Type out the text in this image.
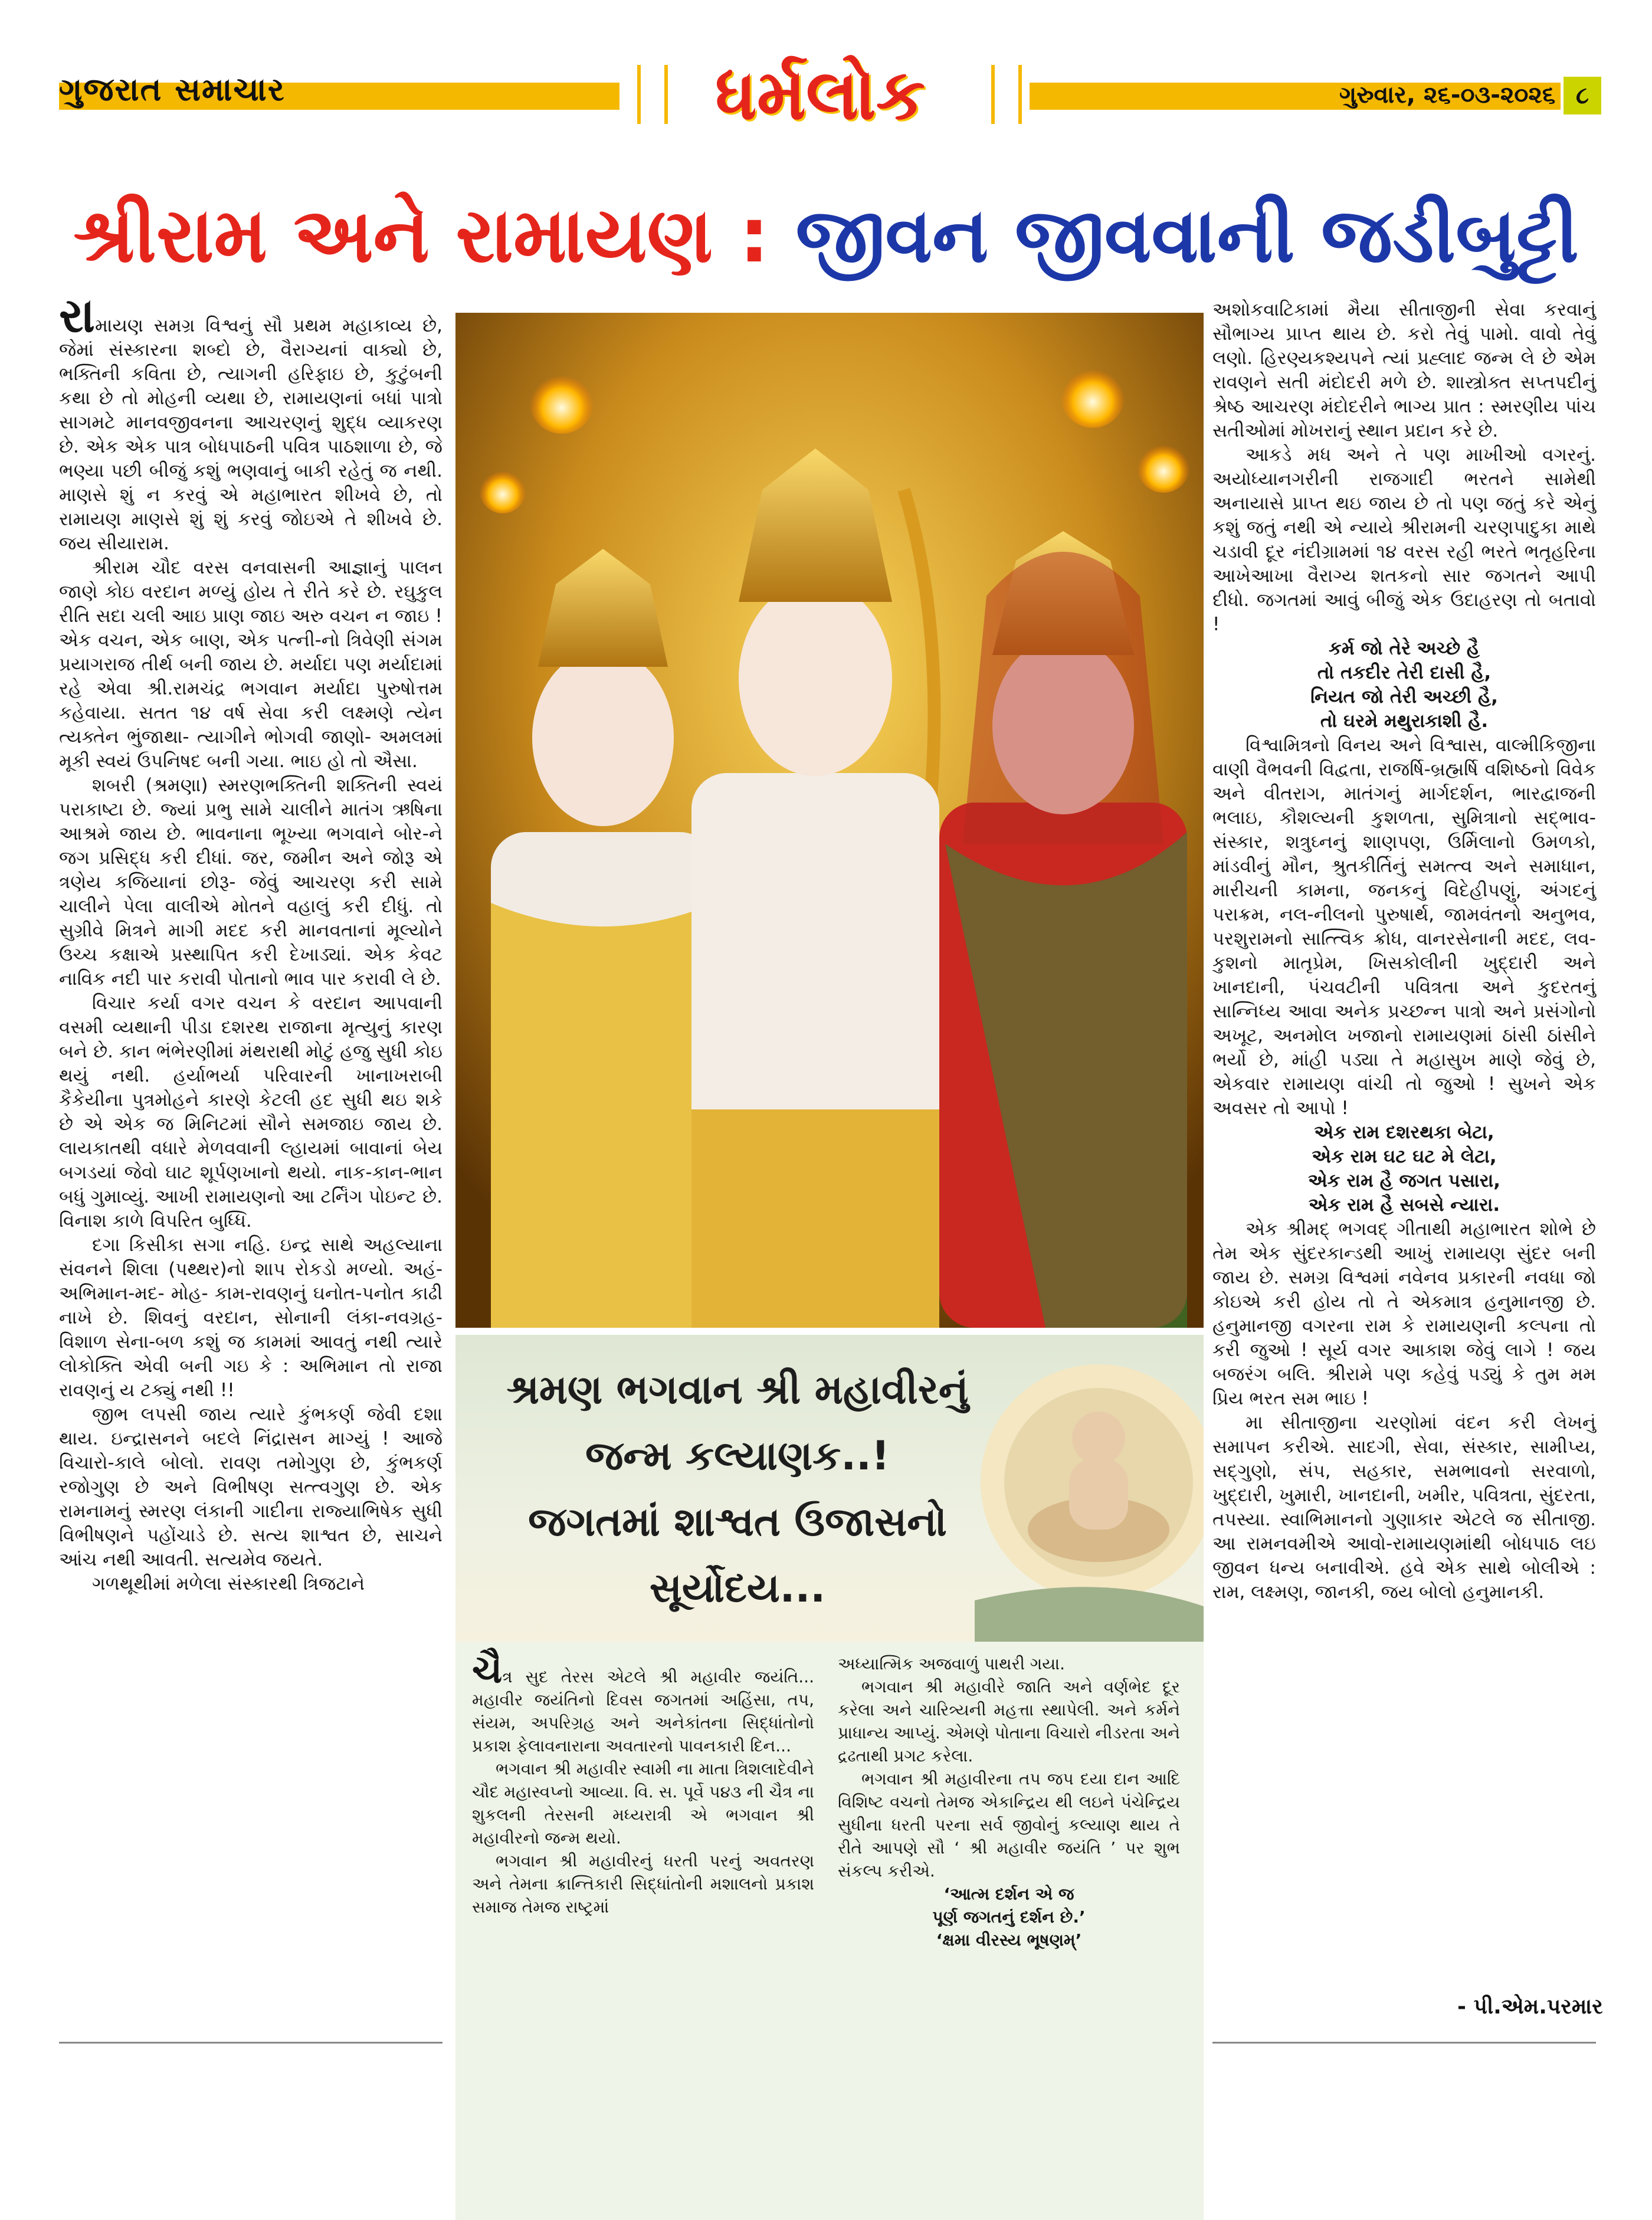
ગુજરાત સમાચાર	ધર્મલોક	ગુરુવાર, ૨૬-૦૩-૨૦૨૬ ૮
શ્રીરામ અને રામાયણ : જીવન જીવવાની જડીબુટ્ટી

રામાયણ સમગ્ર વિશ્વનું સૌ પ્રથમ મહાકાવ્ય છે, જેમાં સંસ્કારના શબ્દો છે, વૈરાગ્યનાં વાક્યો છે, ભક્તિની કવિતા છે, ત્યાગની હરિફાઇ છે, કુટુંબની કથા છે તો મોહની વ્યથા છે, રામાયણનાં બધાં પાત્રો સાગમટે માનવજીવનના આચરણનું શુદ્ધ વ્યાકરણ છે. એક એક પાત્ર બોધપાઠની પવિત્ર પાઠશાળા છે, જે ભણ્યા પછી બીજું કશું ભણવાનું બાકી રહેતું જ નથી. માણસે શું ન કરવું એ મહાભારત શીખવે છે, તો રામાયણ માણસે શું શું કરવું જોઇએ તે શીખવે છે. જય સીયારામ.

શ્રીરામ ચૌદ વરસ વનવાસની આજ્ઞાનું પાલન જાણે કોઇ વરદાન મળ્યું હોય તે રીતે કરે છે. રઘુકુલ રીતિ સદા ચલી આઇ પ્રાણ જાઇ અરુ વચન ન જાઇ ! એક વચન, એક બાણ, એક પત્ની-નો ત્રિવેણી સંગમ પ્રયાગરાજ તીર્થ બની જાય છે. મર્યાદા પણ મર્યાદામાં રહે એવા શ્રી.રામચંદ્ર ભગવાન મર્યાદા પુરુષોત્તમ કહેવાયા. સતત ૧૪ વર્ષ સેવા કરી લક્ષ્મણે ત્યેન ત્યક્તેન ભુંજાથા- ત્યાગીને ભોગવી જાણો- અમલમાં મૂકી સ્વયં ઉપનિષદ બની ગયા. ભાઇ હો તો ઐસા.

શબરી (શ્રમણા) સ્મરણભક્તિની શક્તિની સ્વયં પરાકાષ્ટા છે. જ્યાં પ્રભુ સામે ચાલીને માતંગ ઋષિના આશ્રમે જાય છે. ભાવનાના ભૂખ્યા ભગવાને બોર-ને જગ પ્રસિદ્ધ કરી દીધાં. જર, જમીન અને જોરૂ એ ત્રણેય કજિયાનાં છોરૂ- જેવું આચરણ કરી સામે ચાલીને પેલા વાલીએ મોતને વહાલું કરી દીધું. તો સુગ્રીવે મિત્રને માગી મદદ કરી માનવતાનાં મૂલ્યોને ઉચ્ચ કક્ષાએ પ્રસ્થાપિત કરી દેખાડ્યાં. એક કેવટ નાવિક નદી પાર કરાવી પોતાનો ભાવ પાર કરાવી લે છે.

વિચાર કર્યા વગર વચન કે વરદાન આપવાની વસમી વ્યથાની પીડા દશરથ રાજાના મૃત્યુનું કારણ બને છે. કાન ભંભેરણીમાં મંથરાથી મોટું હજુ સુધી કોઇ થયું નથી. હર્યાભર્યા પરિવારની ખાનાખરાબી કૈકેયીના પુત્રમોહને કારણે કેટલી હદ સુધી થઇ શકે છે એ એક જ મિનિટમાં સૌને સમજાઇ જાય છે. લાયકાતથી વધારે મેળવવાની લ્હાયમાં બાવાનાં બેય બગડયાં જેવો ઘાટ શૂર્પણખાનો થયો. નાક-કાન-ભાન બધું ગુમાવ્યું. આખી રામાયણનો આ ટર્નિંગ પોઇન્ટ છે. વિનાશ કાળે વિપરિત બુધ્ધિ.

દગા કિસીકા સગા નહિ. ઇન્દ્ર સાથે અહલ્યાના સંવનને શિલા (પથ્થર)નો શાપ રોકડો મળ્યો. અહં-અભિમાન-મદ- મોહ- કામ-રાવણનું ઘનોત-પનોત કાઢી નાખે છે. શિવનું વરદાન, સોનાની લંકા-નવગ્રહ- વિશાળ સેના-બળ કશું જ કામમાં આવતું નથી ત્યારે લોકોક્તિ એવી બની ગઇ કે : અભિમાન તો રાજા રાવણનું ય ટક્યું નથી !!

જીભ લપસી જાય ત્યારે કુંભકર્ણ જેવી દશા થાય. ઇન્દ્રાસનને બદલે નિંદ્રાસન માગ્યું ! આજે વિચારો-કાલે બોલો. રાવણ તમોગુણ છે, કુંભકર્ણ રજોગુણ છે અને વિભીષણ સત્ત્વગુણ છે. એક રામનામનું સ્મરણ લંકાની ગાદીના રાજ્યાભિષેક સુધી વિભીષણને પહોંચાડે છે. સત્ય શાશ્વત છે, સાચને આંચ નથી આવતી. સત્યમેવ જયતે.

ગળથૂથીમાં મળેલા સંસ્કારથી ત્રિજટાને

શ્રમણ ભગવાન શ્રી મહાવીરનું
જન્મ કલ્યાણક..!
જગતમાં શાશ્વત ઉજાસનો
સૂર્યોદય...

ચૈત્ર સુદ તેરસ એટલે શ્રી મહાવીર જયંતિ... મહાવીર જયંતિનો દિવસ જગતમાં અહિંસા, તપ, સંયમ, અપરિગ્રહ અને અનેકાંતના સિદ્ધાંતોનો પ્રકાશ ફેલાવનારાના અવતારનો પાવનકારી દિન...

ભગવાન શ્રી મહાવીર સ્વામી ના માતા ત્રિશલાદેવીને ચૌદ મહાસ્વપ્નો આવ્યા. વિ. સ. પૂર્વે ૫૪૩ ની ચૈત્ર ના શુકલની તેરસની મધ્યરાત્રી એ ભગવાન શ્રી મહાવીરનો જન્મ થયો.

ભગવાન શ્રી મહાવીરનું ધરતી પરનું અવતરણ અને તેમના ક્રાન્તિકારી સિદ્ધાંતોની મશાલનો પ્રકાશ સમાજ તેમજ રાષ્ટ્રમાં

અધ્યાત્મિક અજવાળું પાથરી ગયા.

ભગવાન શ્રી મહાવીરે જાતિ અને વર્ણભેદ દૂર કરેલા અને ચારિત્ર્યની મહત્તા સ્થાપેલી. અને કર્મને પ્રાધાન્ય આપ્યું. એમણે પોતાના વિચારો નીડરતા અને દ્રઢતાથી પ્રગટ કરેલા.

ભગવાન શ્રી મહાવીરના તપ જપ દયા દાન આદિ વિશિષ્ટ વચનો તેમજ એકાન્દ્રિય થી લઇને પંચેન્દ્રિય સુધીના ધરતી પરના સર્વ જીવોનું કલ્યાણ થાય તે રીતે આપણે સૌ ‘ શ્રી મહાવીર જયંતિ ’ પર શુભ સંકલ્પ કરીએ.

‘આત્મ દર્શન એ જ

પૂર્ણ જગતનું દર્શન છે.’

‘ક્ષમા વીરસ્ય ભૂષણમ્’

અશોકવાટિકામાં મૈયા સીતાજીની સેવા કરવાનું સૌભાગ્ય પ્રાપ્ત થાય છે. કરો તેવું પામો. વાવો તેવું લણો. હિરણ્યકશ્યપને ત્યાં પ્રહ્લાદ જન્મ લે છે એમ રાવણને સતી મંદોદરી મળે છે. શાસ્ત્રોક્ત સપ્તપદીનું શ્રેષ્ઠ આચરણ મંદોદરીને ભાગ્ય પ્રાત : સ્મરણીય પાંચ સતીઓમાં મોખરાનું સ્થાન પ્રદાન કરે છે.

આકડે મધ અને તે પણ માખીઓ વગરનું. અયોધ્યાનગરીની રાજગાદી ભરતને સામેથી અનાયાસે પ્રાપ્ત થઇ જાય છે તો પણ જતું કરે એનું કશું જતું નથી એ ન્યાયે શ્રીરામની ચરણપાદુકા માથે ચડાવી દૂર નંદીગ્રામમાં ૧૪ વરસ રહી ભરતે ભતૃહરિના આખેઆખા વૈરાગ્ય શતકનો સાર જગતને આપી દીધો. જગતમાં આવું બીજું એક ઉદાહરણ તો બતાવો !

કર્મ જો તેરે અચ્છે હૈ

તો તકદીર તેરી દાસી હૈ,

નિયત જો તેરી અચ્છી હૈ,

તો ઘરમે મથુરાકાશી હૈ.

વિશ્વામિત્રનો વિનય અને વિશ્વાસ, વાલ્મીકિજીના વાણી વૈભવની વિદ્વતા, રાજર્ષિ-બ્રહ્મર્ષિ વશિષ્ઠનો વિવેક અને વીતરાગ, માતંગનું માર્ગદર્શન, ભારદ્વાજની ભલાઇ, કૌશલ્યની કુશળતા, સુમિત્રાનો સદ્ભાવ-સંસ્કાર, શત્રુઘ્નનું શાણપણ, ઉર્મિલાનો ઉમળકો, માંડવીનું મૌન, શ્રુતકીર્તિનું સમત્ત્વ અને સમાધાન, મારીચની કામના, જનકનું વિદેહીપણું, અંગદનું પરાક્રમ, નલ-નીલનો પુરુષાર્થ, જામવંતનો અનુભવ, પરશુરામનો સાત્ત્વિક ક્રોધ, વાનરસેનાની મદદ, લવ-કુશનો માતૃપ્રેમ, ખિસકોલીની ખુદ્દારી અને ખાનદાની, પંચવટીની પવિત્રતા અને કુદરતનું સાન્નિધ્ય આવા અનેક પ્રચ્છન્ન પાત્રો અને પ્રસંગોનો અખૂટ, અનમોલ ખજાનો રામાયણમાં ઠાંસી ઠાંસીને ભર્યો છે, માંહી પડ્યા તે મહાસુખ માણે જેવું છે, એકવાર રામાયણ વાંચી તો જુઓ ! સુખને એક અવસર તો આપો !

એક રામ દશરથકા બેટા,

એક રામ ઘટ ઘટ મે લેટા,

એક રામ હૈ જગત પસારા,

એક રામ હૈ સબસે ન્યારા.

એક શ્રીમદ્ ભગવદ્ ગીતાથી મહાભારત શોભે છે તેમ એક સુંદરકાન્ડથી આખું રામાયણ સુંદર બની જાય છે. સમગ્ર વિશ્વમાં નવેનવ પ્રકારની નવધા જો કોઇએ કરી હોય તો તે એકમાત્ર હનુમાનજી છે. હનુમાનજી વગરના રામ કે રામાયણની કલ્પના તો કરી જુઓ ! સૂર્ય વગર આકાશ જેવું લાગે ! જય બજરંગ બલિ. શ્રીરામે પણ કહેવું પડ્યું કે તુમ મમ પ્રિય ભરત સમ ભાઇ !

મા સીતાજીના ચરણોમાં વંદન કરી લેખનું સમાપન કરીએ. સાદગી, સેવા, સંસ્કાર, સામીપ્ય, સદ્ગુણો, સંપ, સહકાર, સમભાવનો સરવાળો, ખુદ્દારી, ખુમારી, ખાનદાની, ખમીર, પવિત્રતા, સુંદરતા, તપસ્યા. સ્વાભિમાનનો ગુણાકાર એટલે જ સીતાજી. આ રામનવમીએ આવો-રામાયણમાંથી બોધપાઠ લઇ જીવન ધન્ય બનાવીએ. હવે એક સાથે બોલીએ : રામ, લક્ષ્મણ, જાનકી, જય બોલો હનુમાનકી.

- પી.એમ.પરમાર
